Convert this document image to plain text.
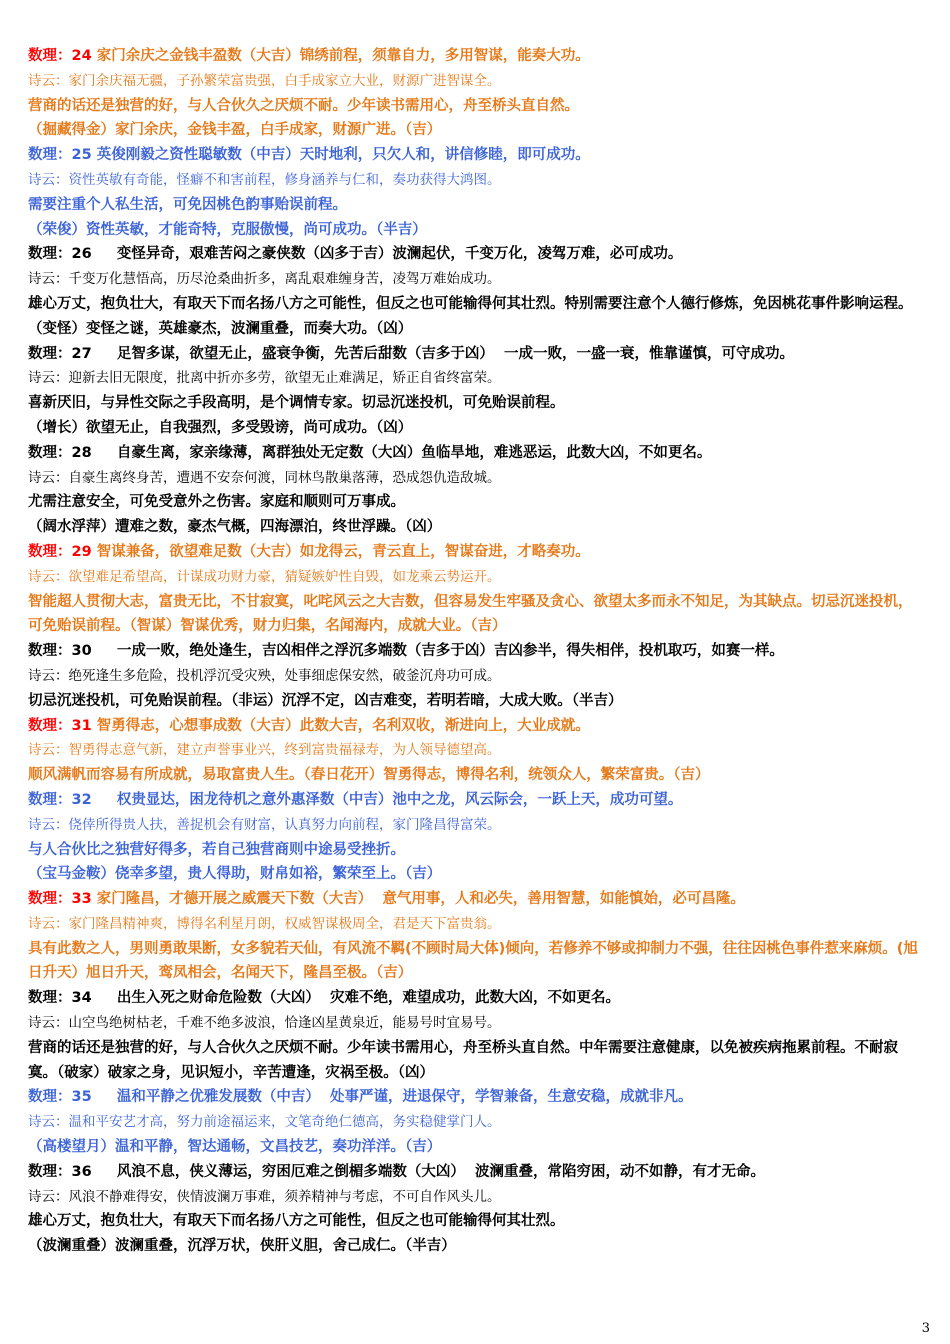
数理：24 家门余庆之金钱丰盈数（大吉）锦绣前程，须靠自力，多用智谋，能奏大功。
诗云：家门余庆福无疆，子孙繁荣富贵强，白手成家立大业，财源广进智谋全。
营商的话还是独营的好，与人合伙久之厌烦不耐。少年读书需用心，舟至桥头直自然。
（掘藏得金）家门余庆，金钱丰盈，白手成家，财源广进。（吉）
数理：25 英俊刚毅之资性聪敏数（中吉）天时地利，只欠人和，讲信修睦，即可成功。
诗云：资性英敏有奇能，怪癖不和害前程，修身涵养与仁和，奏功获得大鸿图。
需要注重个人私生活，可免因桃色韵事贻误前程。
（荣俊）资性英敏，才能奇特，克服傲慢，尚可成功。（半吉）
数理：26     变怪异奇，艰难苦闷之豪侠数（凶多于吉）波澜起伏，千变万化，凌驾万难，必可成功。
诗云：千变万化慧悟高，历尽沧桑曲折多，离乱艰难缠身苦，凌驾万难始成功。
雄心万丈，抱负壮大，有取天下而名扬八方之可能性，但反之也可能输得何其壮烈。特别需要注意个人德行修炼，免因桃花事件影响运程。（变怪）变怪之谜，英雄豪杰，波澜重叠，而奏大功。（凶）
数理：27     足智多谋，欲望无止，盛衰争衡，先苦后甜数（吉多于凶）  一成一败，一盛一衰，惟靠谨慎，可守成功。
诗云：迎新去旧无限度，批离中折亦多劳，欲望无止难满足，矫正自省终富荣。
喜新厌旧，与异性交际之手段高明，是个调情专家。切忌沉迷投机，可免贻误前程。
（增长）欲望无止，自我强烈，多受毁谤，尚可成功。（凶）
数理：28     自豪生离，家亲缘薄，离群独处无定数（大凶）鱼临旱地，难逃恶运，此数大凶，不如更名。
诗云：自豪生离终身苦，遭遇不安奈何渡，同林鸟散巢落薄，恐成怨仇造敌城。
尤需注意安全，可免受意外之伤害。家庭和顺则可万事成。
（阔水浮萍）遭难之数，豪杰气概，四海漂泊，终世浮躁。（凶）
数理：29 智谋兼备，欲望难足数（大吉）如龙得云，青云直上，智谋奋进，才略奏功。
诗云：欲望难足希望高，计谋成功财力豪，猜疑嫉妒性自毁，如龙乘云势运开。
智能超人贯彻大志，富贵无比，不甘寂寞，叱咤风云之大吉数，但容易发生牢骚及贪心、欲望太多而永不知足，为其缺点。切忌沉迷投机，可免贻误前程。（智谋）智谋优秀，财力归集，名闻海内，成就大业。（吉）
数理：30     一成一败，绝处逢生，吉凶相伴之浮沉多端数（吉多于凶）吉凶参半，得失相伴，投机取巧，如赛一样。
诗云：绝死逢生多危险，投机浮沉受灾殃，处事细虑保安然，破釜沉舟功可成。
切忌沉迷投机，可免贻误前程。（非运）沉浮不定，凶吉难变，若明若暗，大成大败。（半吉）
数理：31 智勇得志，心想事成数（大吉）此数大吉，名利双收，渐进向上，大业成就。
诗云：智勇得志意气新，建立声誉事业兴，终到富贵福禄寿，为人领导德望高。
顺风满帆而容易有所成就，易取富贵人生。（春日花开）智勇得志，博得名利，统领众人，繁荣富贵。（吉）
数理：32     权贵显达，困龙待机之意外惠泽数（中吉）池中之龙，风云际会，一跃上天，成功可望。
诗云：侥倖所得贵人扶，善捉机会有财富，认真努力向前程，家门隆昌得富荣。
与人合伙比之独营好得多，若自己独营商则中途易受挫折。
（宝马金鞍）侥幸多望，贵人得助，财帛如裕，繁荣至上。（吉）
数理：33 家门隆昌，才德开展之威震天下数（大吉）  意气用事，人和必失，善用智慧，如能慎始，必可昌隆。
诗云：家门隆昌精神爽，博得名利星月朗，权威智谋极周全，君是天下富贵翁。
具有此数之人，男则勇敢果断，女多貌若天仙，有风流不羁(不顾时局大体)倾向，若修养不够或抑制力不强，往往因桃色事件惹来麻烦。(旭日升天）旭日升天，鸾凤相会，名闻天下，隆昌至极。（吉）
数理：34     出生入死之财命危险数（大凶）  灾难不绝，难望成功，此数大凶，不如更名。
诗云：山空鸟绝树枯老，千难不绝多波浪，恰逢凶星黄泉近，能易号时宜易号。
营商的话还是独营的好，与人合伙久之厌烦不耐。少年读书需用心，舟至桥头直自然。中年需要注意健康，以免被疾病拖累前程。不耐寂寞。（破家）破家之身，见识短小，辛苦遭逢，灾祸至极。（凶）
数理：35     温和平静之优雅发展数（中吉）  处事严谨，进退保守，学智兼备，生意安稳，成就非凡。
诗云：温和平安艺才高，努力前途福运来，文笔奇绝仁德高，务实稳健掌门人。
（高楼望月）温和平静，智达通畅，文昌技艺，奏功洋洋。（吉）
数理：36     风浪不息，侠义薄运，穷困厄难之倒楣多端数（大凶）  波澜重叠，常陷穷困，动不如静，有才无命。
诗云：风浪不静难得安，侠情波澜万事难，须养精神与考虑，不可自作风头儿。
雄心万丈，抱负壮大，有取天下而名扬八方之可能性，但反之也可能输得何其壮烈。
（波澜重叠）波澜重叠，沉浮万状，侠肝义胆，舍己成仁。（半吉）
3
